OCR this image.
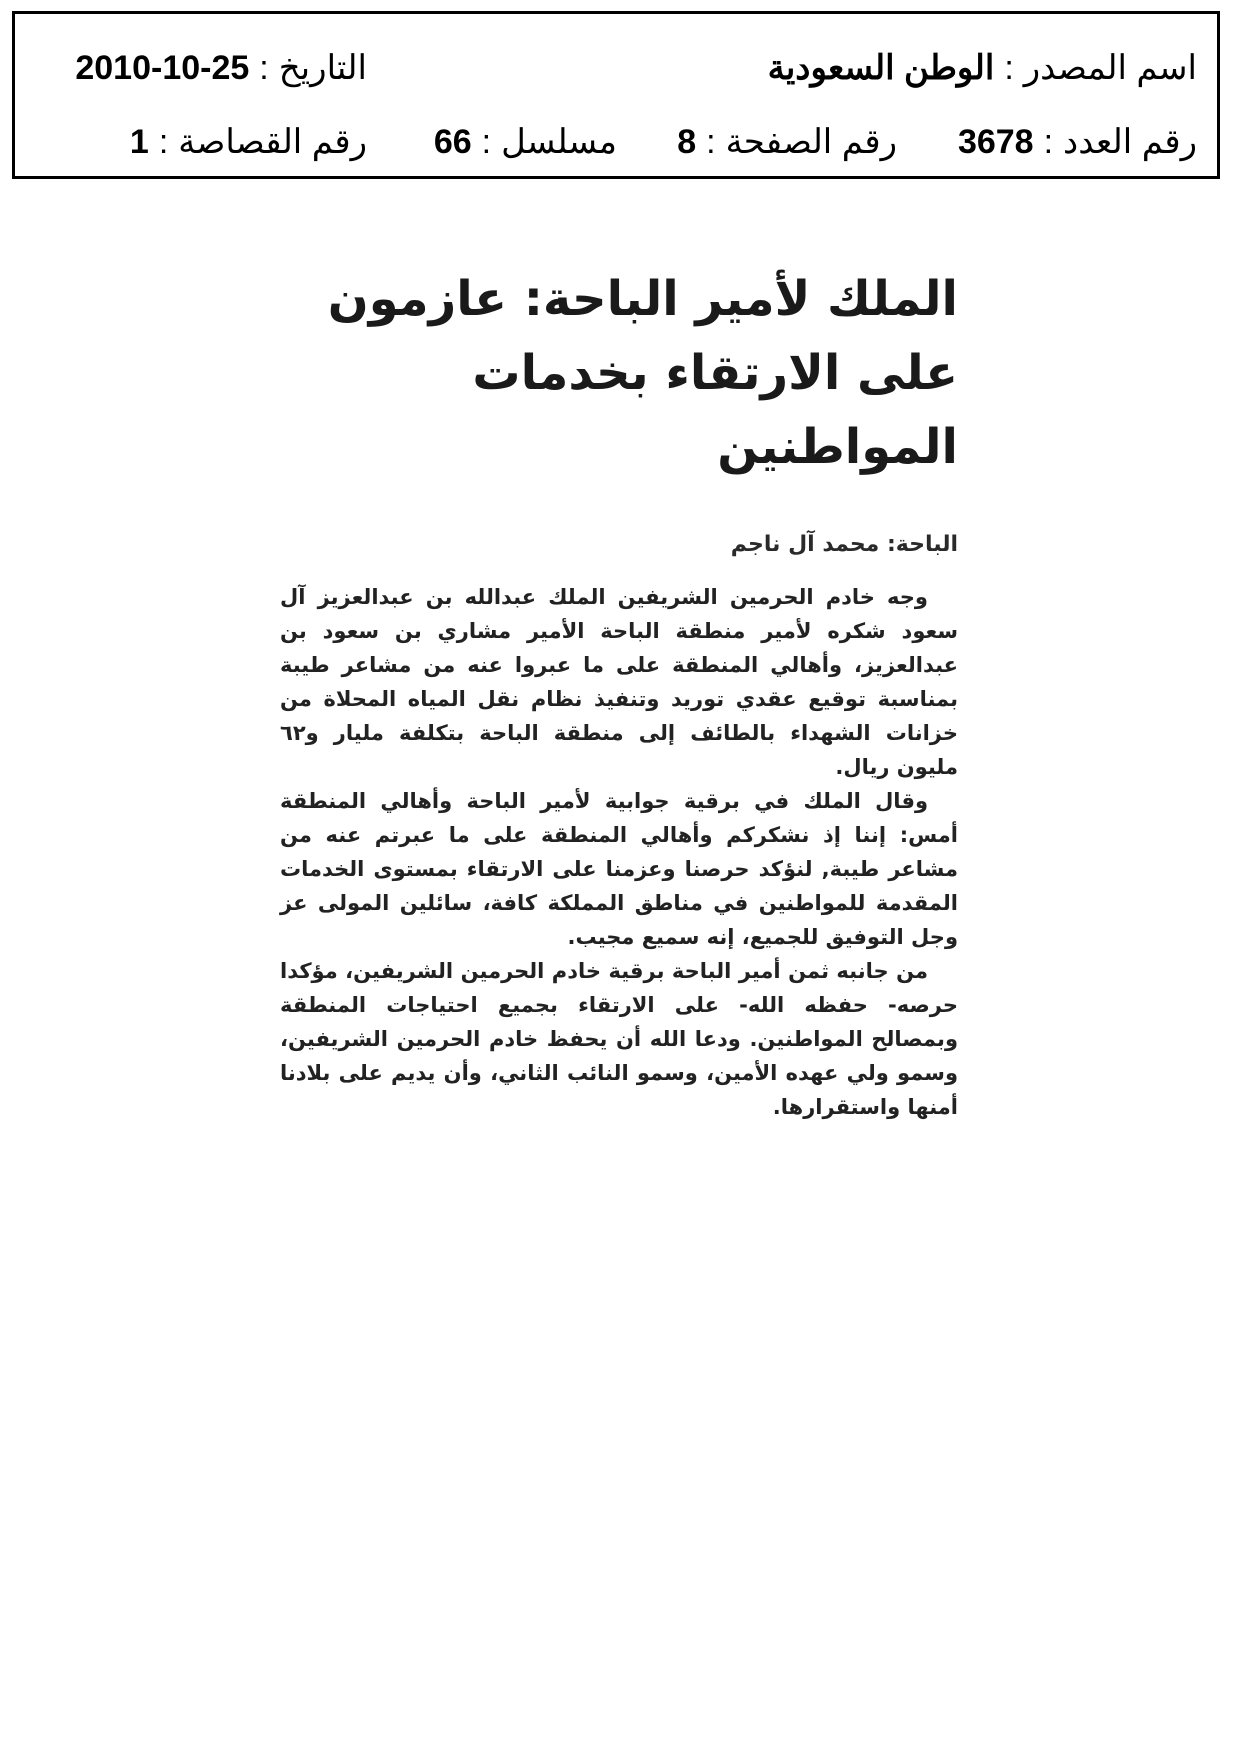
اسم المصدر:الوطن السعودية
التاريخ:2010-10-25
رقم العدد:3678
رقم الصفحة:8
مسلسل:66
رقم القصاصة:1
الملك لأمير الباحة: عازمون
على الارتقاء بخدمات المواطنين
الباحة: محمد آل ناجم

وجه خادم الحرمين الشريفين الملك عبدالله بن عبدالعزيز آل سعود شكره لأمير منطقة الباحة الأمير مشاري بن سعود بن عبدالعزيز، وأهالي المنطقة على ما عبروا عنه من مشاعر طيبة بمناسبة توقيع عقدي توريد وتنفيذ نظام نقل المياه المحلاة من خزانات الشهداء بالطائف إلى منطقة الباحة بتكلفة مليار و٦٢ مليون ريال.

وقال الملك في برقية جوابية لأمير الباحة وأهالي المنطقة أمس: إننا إذ نشكركم وأهالي المنطقة على ما عبرتم عنه من مشاعر طيبة, لنؤكد حرصنا وعزمنا على الارتقاء بمستوى الخدمات المقدمة للمواطنين في مناطق المملكة كافة، سائلين المولى عز وجل التوفيق للجميع، إنه سميع مجيب.

من جانبه ثمن أمير الباحة برقية خادم الحرمين الشريفين، مؤكدا حرصه- حفظه الله- على الارتقاء بجميع احتياجات المنطقة وبمصالح المواطنين. ودعا الله أن يحفظ خادم الحرمين الشريفين، وسمو ولي عهده الأمين، وسمو النائب الثاني، وأن يديم على بلادنا أمنها واستقرارها.
